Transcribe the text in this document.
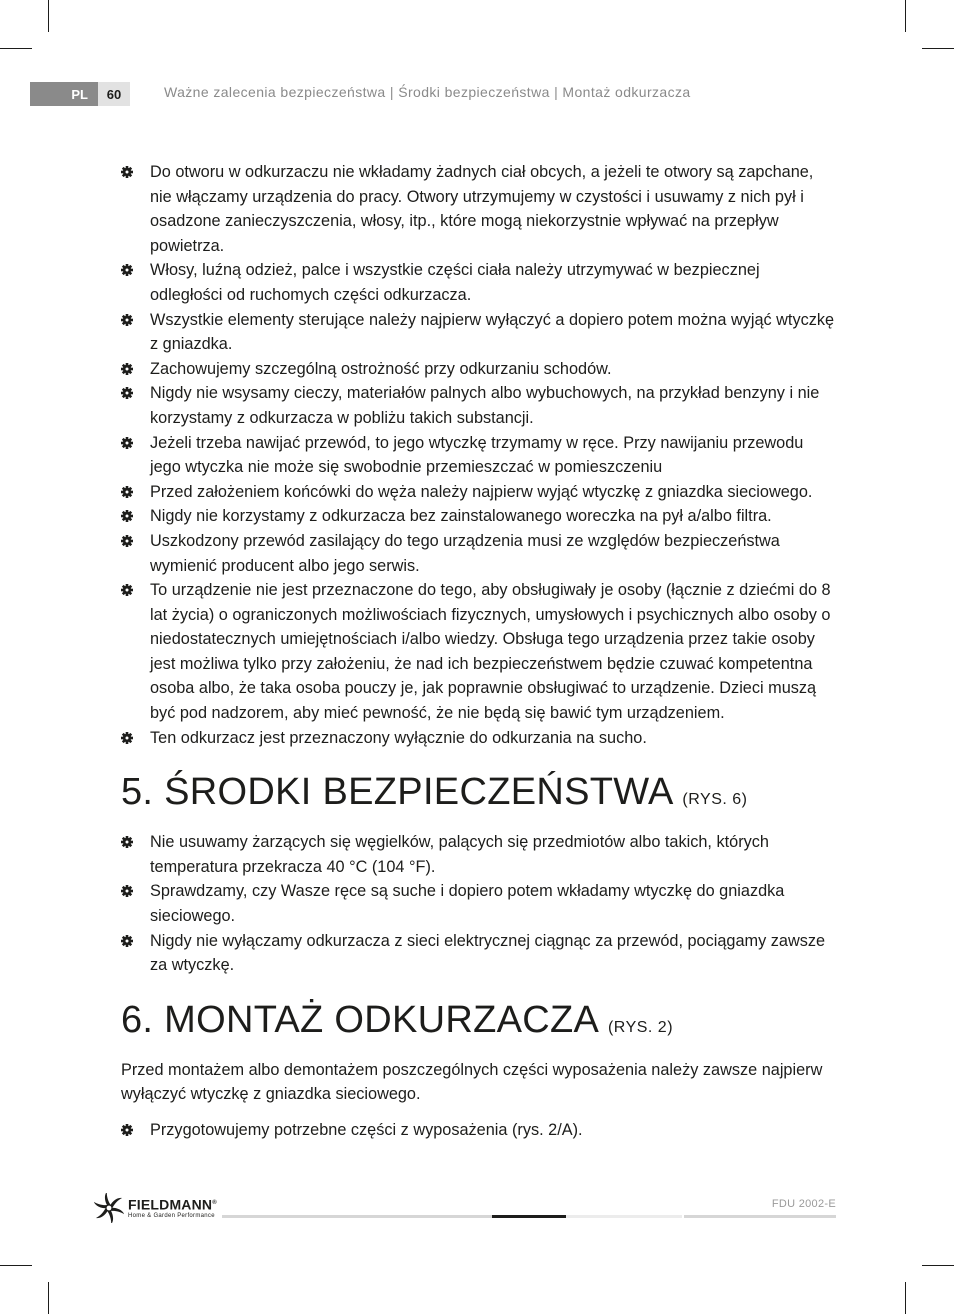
PL	60	Ważne zalecenia bezpieczeństwa | Środki bezpieczeństwa | Montaż odkurzacza
Do otworu w odkurzaczu nie wkładamy żadnych ciał obcych, a jeżeli te otwory są zapchane, nie włączamy urządzenia do pracy. Otwory utrzymujemy w czystości i usuwamy z nich pył i osadzone zanieczyszczenia, włosy, itp., które mogą niekorzystnie wpływać na przepływ powietrza.
Włosy, luźną odzież, palce i wszystkie części ciała należy utrzymywać w bezpiecznej odległości od ruchomych części odkurzacza.
Wszystkie elementy sterujące należy najpierw wyłączyć a dopiero potem można wyjąć wtyczkę z gniazdka.
Zachowujemy szczególną ostrożność przy odkurzaniu schodów.
Nigdy nie wsysamy cieczy, materiałów palnych albo wybuchowych, na przykład benzyny i nie korzystamy z odkurzacza w pobliżu takich substancji.
Jeżeli trzeba nawijać przewód, to jego wtyczkę trzymamy w ręce. Przy nawijaniu przewodu jego wtyczka nie może się swobodnie przemieszczać w pomieszczeniu
Przed założeniem końcówki do węża należy najpierw wyjąć wtyczkę z gniazdka sieciowego.
Nigdy nie korzystamy z odkurzacza bez zainstalowanego woreczka na pył a/albo filtra.
Uszkodzony przewód zasilający do tego urządzenia musi ze względów bezpieczeństwa wymienić producent albo jego serwis.
To urządzenie nie jest przeznaczone do tego, aby obsługiwały je osoby (łącznie z dziećmi do 8 lat życia) o ograniczonych możliwościach fizycznych, umysłowych i psychicznych albo osoby o niedostatecznych umiejętnościach i/albo wiedzy. Obsługa tego urządzenia przez takie osoby jest możliwa tylko przy założeniu, że nad ich bezpieczeństwem będzie czuwać kompetentna osoba albo, że taka osoba pouczy je, jak poprawnie obsługiwać to urządzenie. Dzieci muszą być pod nadzorem, aby mieć pewność, że nie będą się bawić tym urządzeniem.
Ten odkurzacz jest przeznaczony wyłącznie do odkurzania na sucho.
5. ŚRODKI BEZPIECZEŃSTWA (RYS. 6)
Nie usuwamy żarzących się węgielków, palących się przedmiotów albo takich, których temperatura przekracza 40 °C (104 °F).
Sprawdzamy, czy Wasze ręce są suche i dopiero potem wkładamy wtyczkę do gniazdka sieciowego.
Nigdy nie wyłączamy odkurzacza z sieci elektrycznej ciągnąc za przewód, pociągamy zawsze za wtyczkę.
6. MONTAŻ ODKURZACZA (RYS. 2)

Przed montażem albo demontażem poszczególnych części wyposażenia należy zawsze najpierw wyłączyć wtyczkę z gniazdka sieciowego.

Przygotowujemy potrzebne części z wyposażenia (rys. 2/A).
FIELDMANN®
Home & Garden Performance
FDU 2002-E
